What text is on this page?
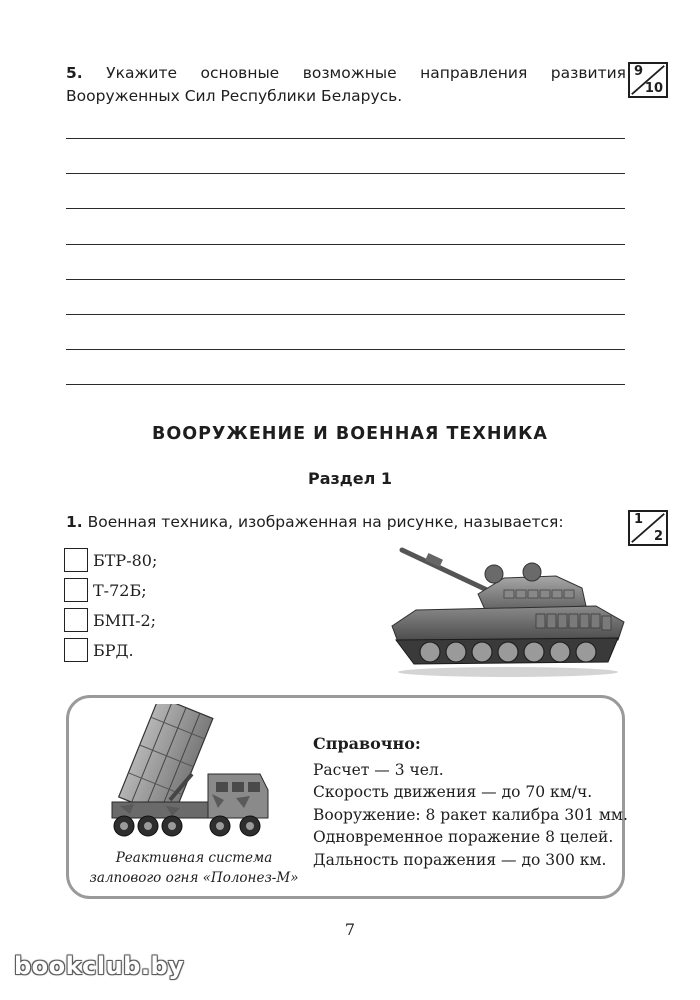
5. Укажите основные возможные направления развития Вооруженных Сил Республики Беларусь.
9
10
ВООРУЖЕНИЕ И ВОЕННАЯ ТЕХНИКА
Раздел 1
1. Военная техника, изображенная на рисунке, называется:	1
2
БТР-80;
Т-72Б;
БМП-2;
БРД.
Реактивная система
залпового огня «Полонез-М»
Справочно:
Расчет — 3 чел.
Скорость движения — до 70 км/ч.
Вооружение: 8 ракет калибра 301 мм.
Одновременное поражение 8 целей.
Дальность поражения — до 300 км.
7
bookclub.by
